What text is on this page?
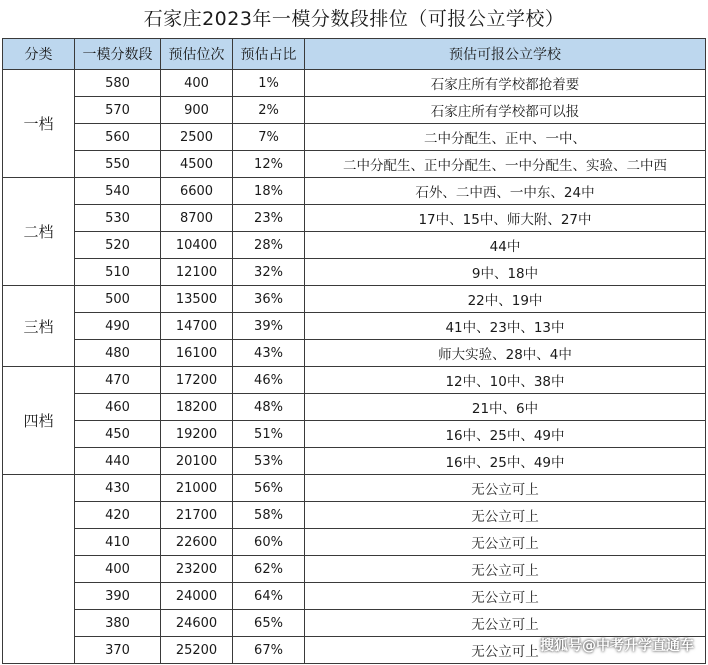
石家庄2023年一模分数段排位（可报公立学校）
分类	一模分数段	预估位次	预估占比	预估可报公立学校
一档	580	400	1%	石家庄所有学校都抢着要
	570	900	2%	石家庄所有学校都可以报
	560	2500	7%	二中分配生、正中、一中、
	550	4500	12%	二中分配生、正中分配生、一中分配生、实验、二中西
二档	540	6600	18%	石外、二中西、一中东、24中
	530	8700	23%	17中、15中、师大附、27中
	520	10400	28%	44中
	510	12100	32%	9中、18中
三档	500	13500	36%	22中、19中
	490	14700	39%	41中、23中、13中
	480	16100	43%	师大实验、28中、4中
四档	470	17200	46%	12中、10中、38中
	460	18200	48%	21中、6中
	450	19200	51%	16中、25中、49中
	440	20100	53%	16中、25中、49中
	430	21000	56%	无公立可上
	420	21700	58%	无公立可上
	410	22600	60%	无公立可上
	400	23200	62%	无公立可上
	390	24000	64%	无公立可上
	380	24600	65%	无公立可上
	370	25200	67%	无公立可上 搜狐号@中考升学直通车
